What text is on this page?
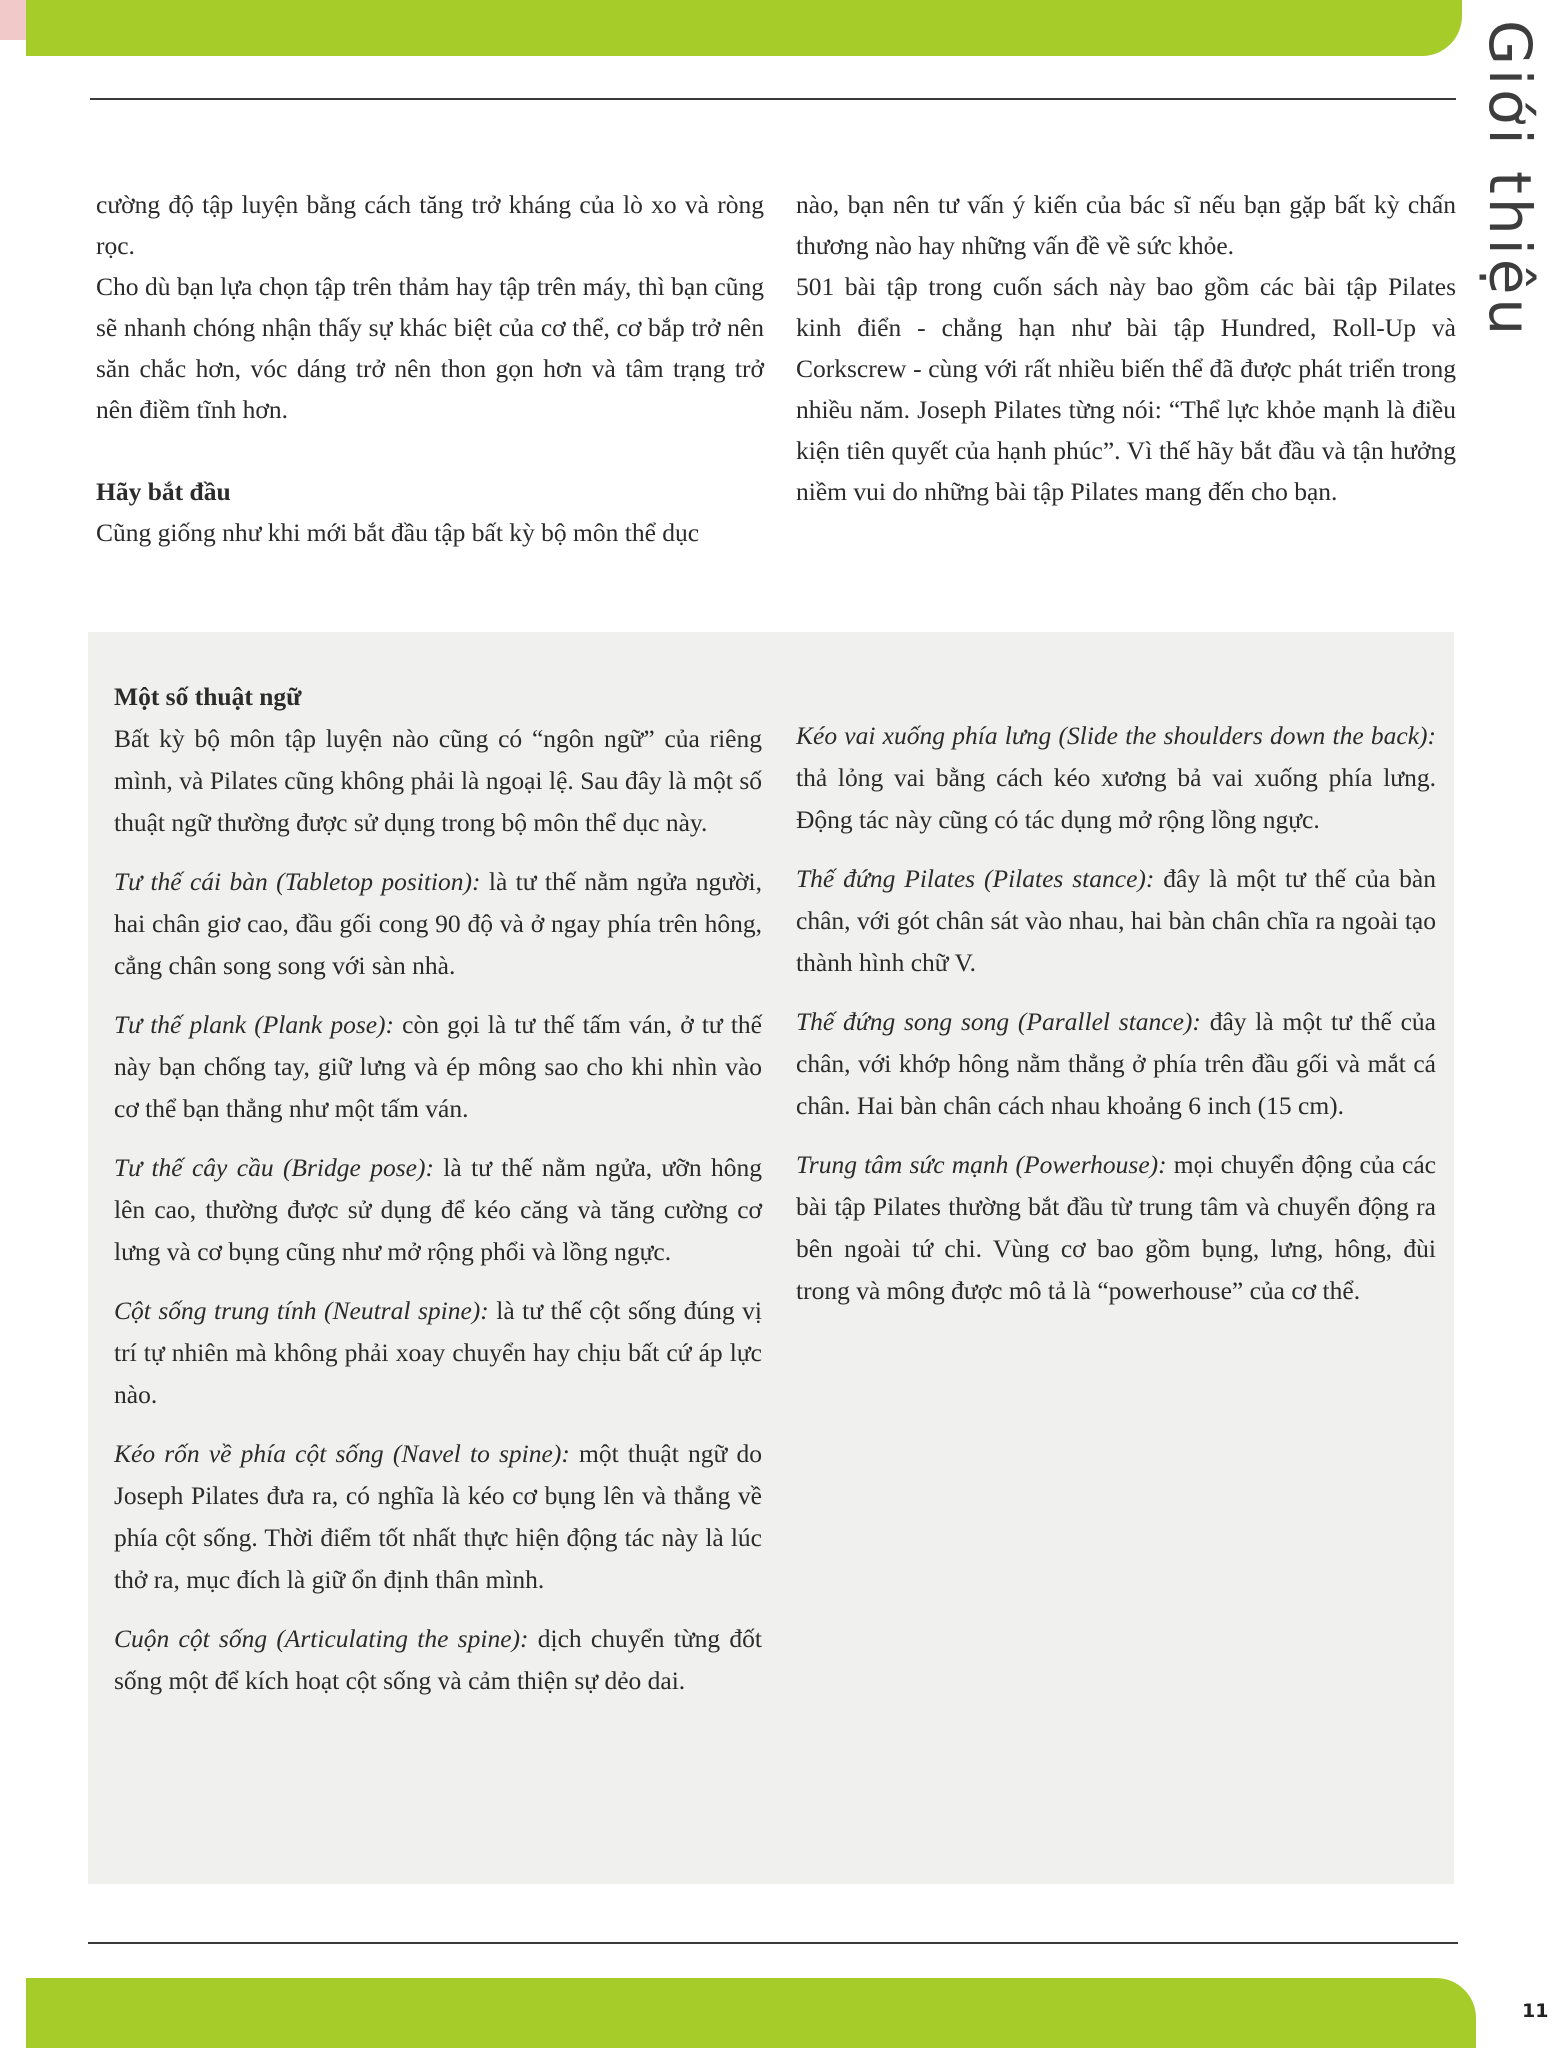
Giới thiệu
11

cường độ tập luyện bằng cách tăng trở kháng của lò xo và ròng rọc.

Cho dù bạn lựa chọn tập trên thảm hay tập trên máy, thì bạn cũng sẽ nhanh chóng nhận thấy sự khác biệt của cơ thể, cơ bắp trở nên săn chắc hơn, vóc dáng trở nên thon gọn hơn và tâm trạng trở nên điềm tĩnh hơn.

Hãy bắt đầu

Cũng giống như khi mới bắt đầu tập bất kỳ bộ môn thể dục

nào, bạn nên tư vấn ý kiến của bác sĩ nếu bạn gặp bất kỳ chấn thương nào hay những vấn đề về sức khỏe.

501 bài tập trong cuốn sách này bao gồm các bài tập Pilates kinh điển - chẳng hạn như bài tập Hundred, Roll-Up và Corkscrew - cùng với rất nhiều biến thể đã được phát triển trong nhiều năm. Joseph Pilates từng nói: “Thể lực khỏe mạnh là điều kiện tiên quyết của hạnh phúc”. Vì thế hãy bắt đầu và tận hưởng niềm vui do những bài tập Pilates mang đến cho bạn.

Một số thuật ngữ

Bất kỳ bộ môn tập luyện nào cũng có “ngôn ngữ” của riêng mình, và Pilates cũng không phải là ngoại lệ. Sau đây là một số thuật ngữ thường được sử dụng trong bộ môn thể dục này.

Tư thế cái bàn (Tabletop position): là tư thế nằm ngửa người, hai chân giơ cao, đầu gối cong 90 độ và ở ngay phía trên hông, cẳng chân song song với sàn nhà.

Tư thế plank (Plank pose): còn gọi là tư thế tấm ván, ở tư thế này bạn chống tay, giữ lưng và ép mông sao cho khi nhìn vào cơ thể bạn thẳng như một tấm ván.

Tư thế cây cầu (Bridge pose): là tư thế nằm ngửa, ưỡn hông lên cao, thường được sử dụng để kéo căng và tăng cường cơ lưng và cơ bụng cũng như mở rộng phổi và lồng ngực.

Cột sống trung tính (Neutral spine): là tư thế cột sống đúng vị trí tự nhiên mà không phải xoay chuyển hay chịu bất cứ áp lực nào.

Kéo rốn về phía cột sống (Navel to spine): một thuật ngữ do Joseph Pilates đưa ra, có nghĩa là kéo cơ bụng lên và thẳng về phía cột sống. Thời điểm tốt nhất thực hiện động tác này là lúc thở ra, mục đích là giữ ổn định thân mình.

Cuộn cột sống (Articulating the spine): dịch chuyển từng đốt sống một để kích hoạt cột sống và cảm thiện sự dẻo dai.

Kéo vai xuống phía lưng (Slide the shoulders down the back): thả lỏng vai bằng cách kéo xương bả vai xuống phía lưng. Động tác này cũng có tác dụng mở rộng lồng ngực.

Thế đứng Pilates (Pilates stance): đây là một tư thế của bàn chân, với gót chân sát vào nhau, hai bàn chân chĩa ra ngoài tạo thành hình chữ V.

Thế đứng song song (Parallel stance): đây là một tư thế của chân, với khớp hông nằm thẳng ở phía trên đầu gối và mắt cá chân. Hai bàn chân cách nhau khoảng 6 inch (15 cm).

Trung tâm sức mạnh (Powerhouse): mọi chuyển động của các bài tập Pilates thường bắt đầu từ trung tâm và chuyển động ra bên ngoài tứ chi. Vùng cơ bao gồm bụng, lưng, hông, đùi trong và mông được mô tả là “powerhouse” của cơ thể.
